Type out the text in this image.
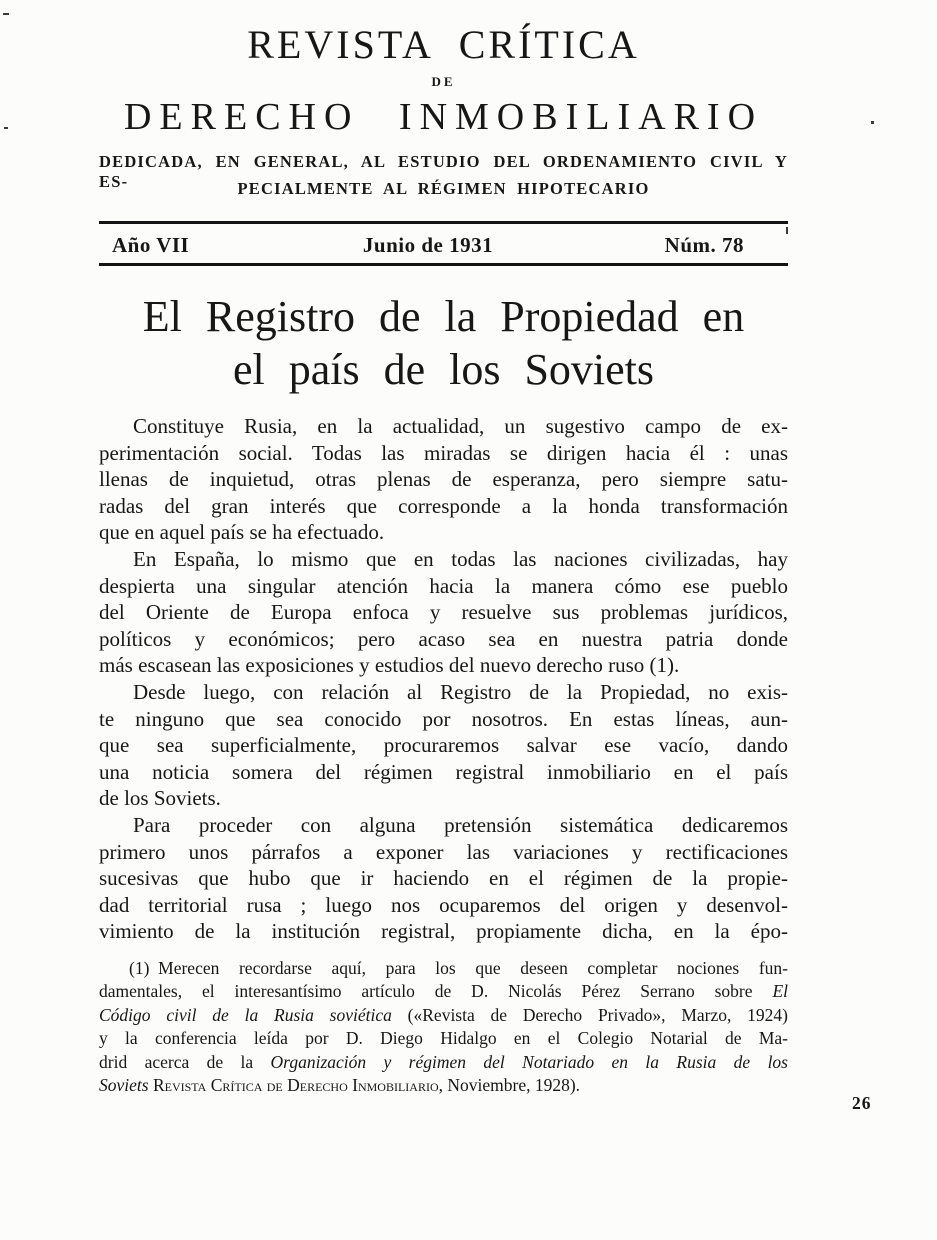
REVISTA CRÍTICA
DE
DERECHO INMOBILIARIO
DEDICADA, EN GENERAL, AL ESTUDIO DEL ORDENAMIENTO CIVIL Y ES-	PECIALMENTE AL RÉGIMEN HIPOTECARIO
Año VII	Junio de 1931	Núm. 78
El Registro de la Propiedad en
el país de los Soviets
Constituye Rusia, en la actualidad, un sugestivo campo de ex-
perimentación social. Todas las miradas se dirigen hacia él : unas
llenas de inquietud, otras plenas de esperanza, pero siempre satu-
radas del gran interés que corresponde a la honda transformación
que en aquel país se ha efectuado.
En España, lo mismo que en todas las naciones civilizadas, hay
despierta una singular atención hacia la manera cómo ese pueblo
del Oriente de Europa enfoca y resuelve sus problemas jurídicos,
políticos y económicos; pero acaso sea en nuestra patria donde
más escasean las exposiciones y estudios del nuevo derecho ruso (1).
Desde luego, con relación al Registro de la Propiedad, no exis-
te ninguno que sea conocido por nosotros. En estas líneas, aun-
que sea superficialmente, procuraremos salvar ese vacío, dando
una noticia somera del régimen registral inmobiliario en el país
de los Soviets.
Para proceder con alguna pretensión sistemática dedicaremos
primero unos párrafos a exponer las variaciones y rectificaciones
sucesivas que hubo que ir haciendo en el régimen de la propie-
dad territorial rusa ; luego nos ocuparemos del origen y desenvol-
vimiento de la institución registral, propiamente dicha, en la épo-
(1) Merecen recordarse aquí, para los que deseen completar nociones fun-
damentales, el interesantísimo artículo de D. Nicolás Pérez Serrano sobre El
Código civil de la Rusia soviética («Revista de Derecho Privado», Marzo, 1924)
y la conferencia leída por D. Diego Hidalgo en el Colegio Notarial de Ma-
drid acerca de la Organización y régimen del Notariado en la Rusia de los
Soviets Revista Crítica de Derecho Inmobiliario, Noviembre, 1928).
26
